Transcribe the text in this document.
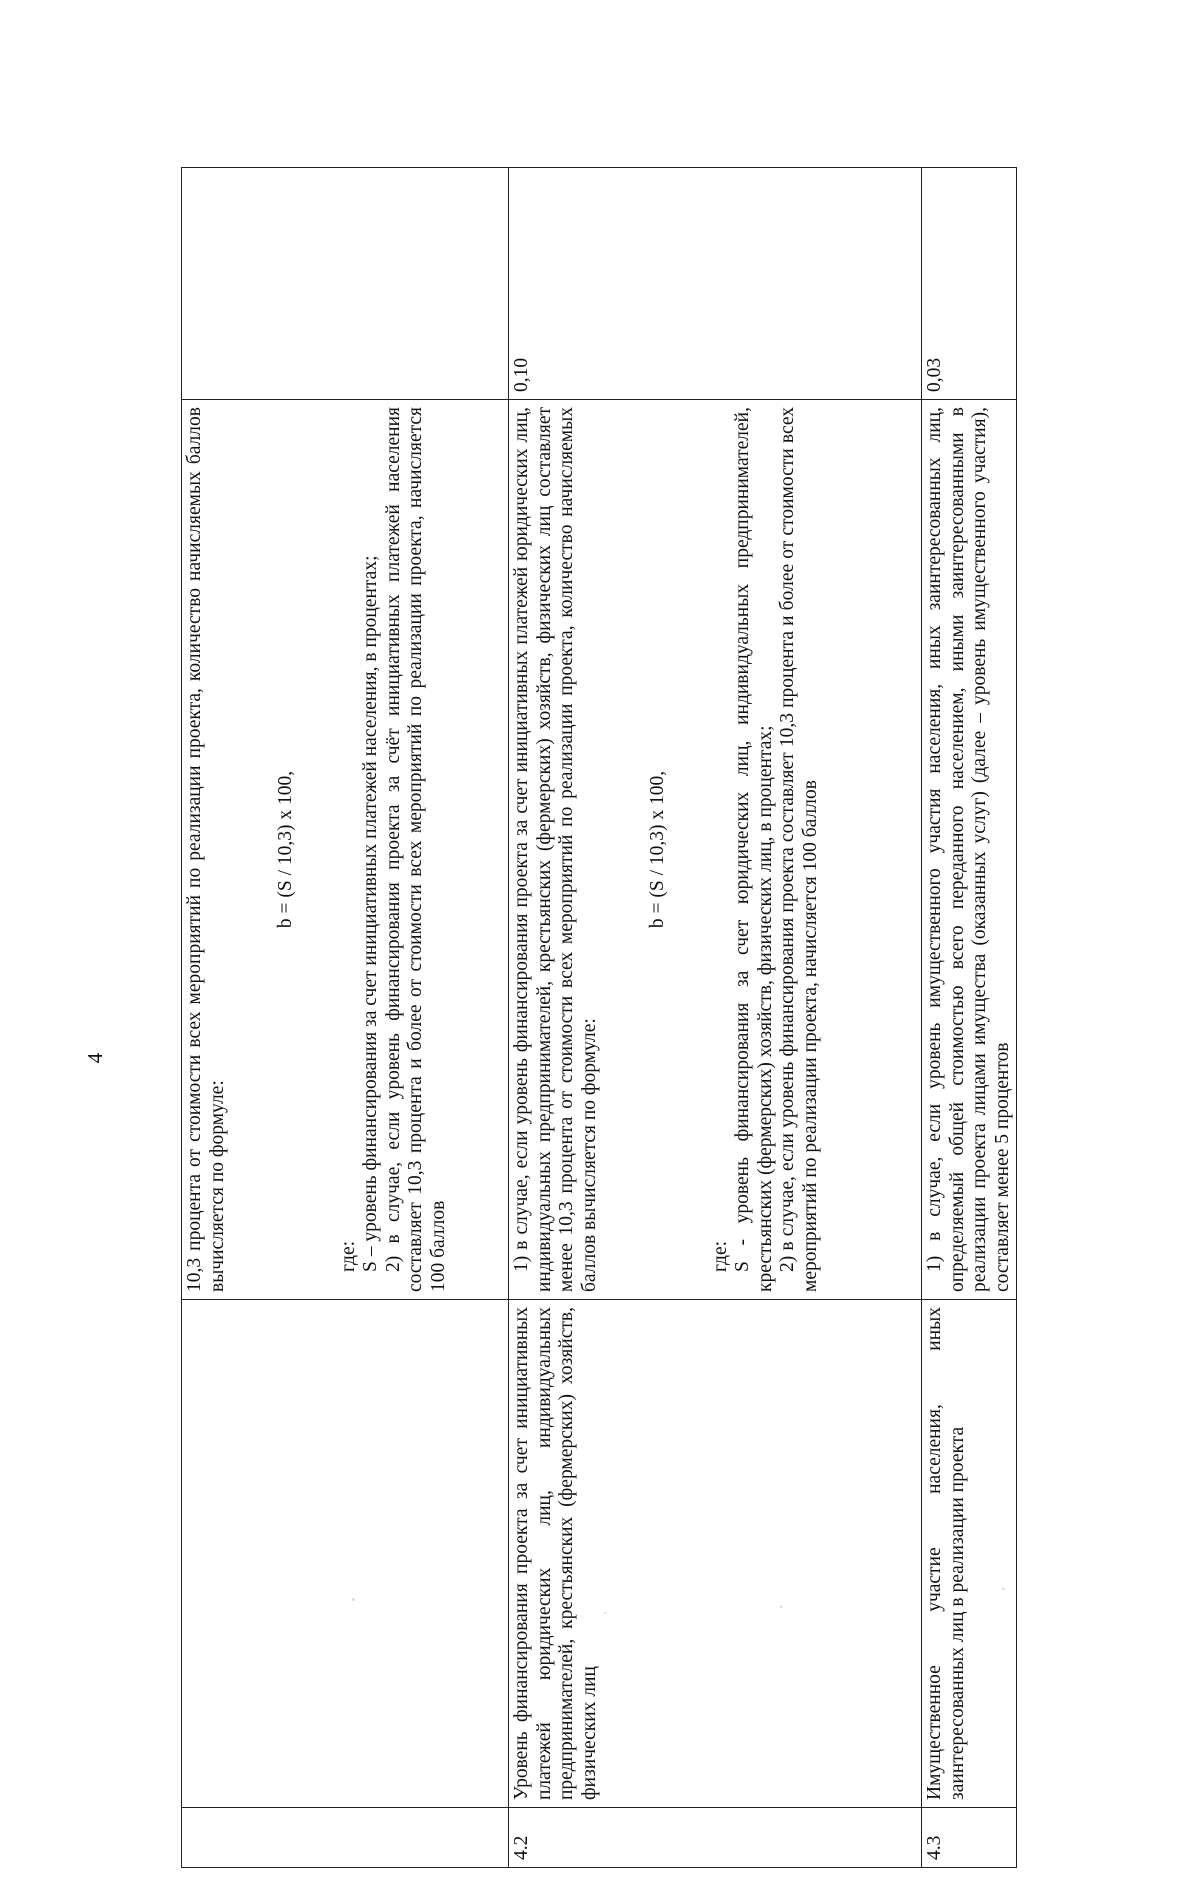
4

		10,3 процента от стоимости всех мероприятий по реализации проекта, количество начисляемых баллов вычисляется по формуле:

b = (S / 10,3) х 100,

где: S – уровень финансирования за счет инициативных платежей населения, в процентах; 2) в случае, если уровень финансирования проекта за счёт инициативных платежей населения составляет 10,3 процента и более от стоимости всех мероприятий по реализации проекта, начисляется 100 баллов	

4.2	Уровень финансирования проекта за счет инициативных платежей юридических лиц, индивидуальных предпринимателей, крестьянских (фермерских) хозяйств, физических лиц	1) в случае, если уровень финансирования проекта за счет инициативных платежей юридических лиц, индивидуальных предпринимателей, крестьянских (фермерских) хозяйств, физических лиц составляет менее 10,3 процента от стоимости всех мероприятий по реализации проекта, количество начисляемых баллов вычисляется по формуле:

b = (S / 10,3) х 100,

где: S - уровень финансирования за счет юридических лиц, индивидуальных предпринимателей, крестьянских (фермерских) хозяйств, физических лиц, в процентах; 2) в случае, если уровень финансирования проекта составляет 10,3 процента и более от стоимости всех мероприятий по реализации проекта, начисляется 100 баллов	0,10
4.3	Имущественное участие населения, иных заинтересованных лиц в реализации проекта	1) в случае, если уровень имущественного участия населения, иных заинтересованных лиц, определяемый общей стоимостью всего переданного населением, иными заинтересованными в реализации проекта лицами имущества (оказанных услуг) (далее – уровень имущественного участия), составляет менее 5 процентов	0,03
